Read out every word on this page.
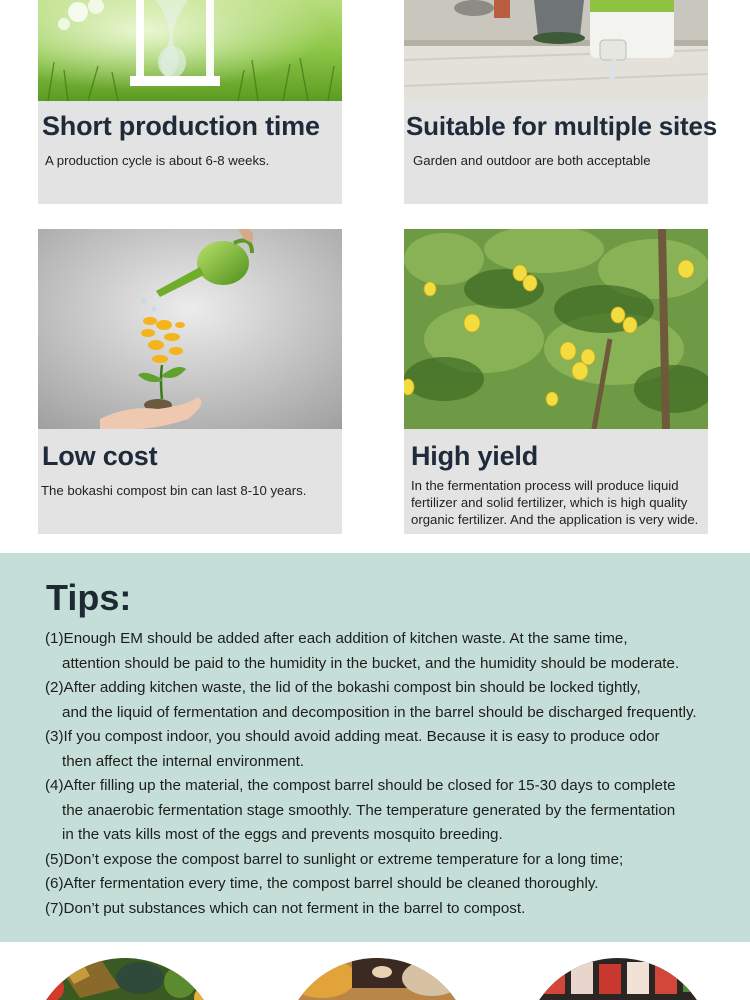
Short production time
A production cycle is about 6-8 weeks.
Suitable for multiple sites
Garden and outdoor are both acceptable
Low cost
The bokashi compost bin can last 8-10 years.
High yield
In the fermentation process will produce liquid
fertilizer and solid fertilizer, which is high quality
organic fertilizer. And the application is very wide.
Tips:
(1)Enough EM should be added after each addition of kitchen waste. At the same time,
attention should be paid to the humidity in the bucket, and the humidity should be moderate.
(2)After adding kitchen waste, the lid of the bokashi compost bin should be locked tightly,
and the liquid of fermentation and decomposition in the barrel should be discharged frequently.
(3)If you compost indoor, you should avoid adding meat. Because it is easy to produce odor
then affect the internal environment.
(4)After filling up the material, the compost barrel should be closed for 15-30 days to complete
the anaerobic fermentation stage smoothly. The temperature generated by the fermentation
in the vats kills most of the eggs and prevents mosquito breeding.
(5)Don’t expose the compost barrel to sunlight or extreme temperature for a long time;
(6)After fermentation every time, the compost barrel should be cleaned thoroughly.
(7)Don’t put substances which can not ferment in the barrel to compost.
